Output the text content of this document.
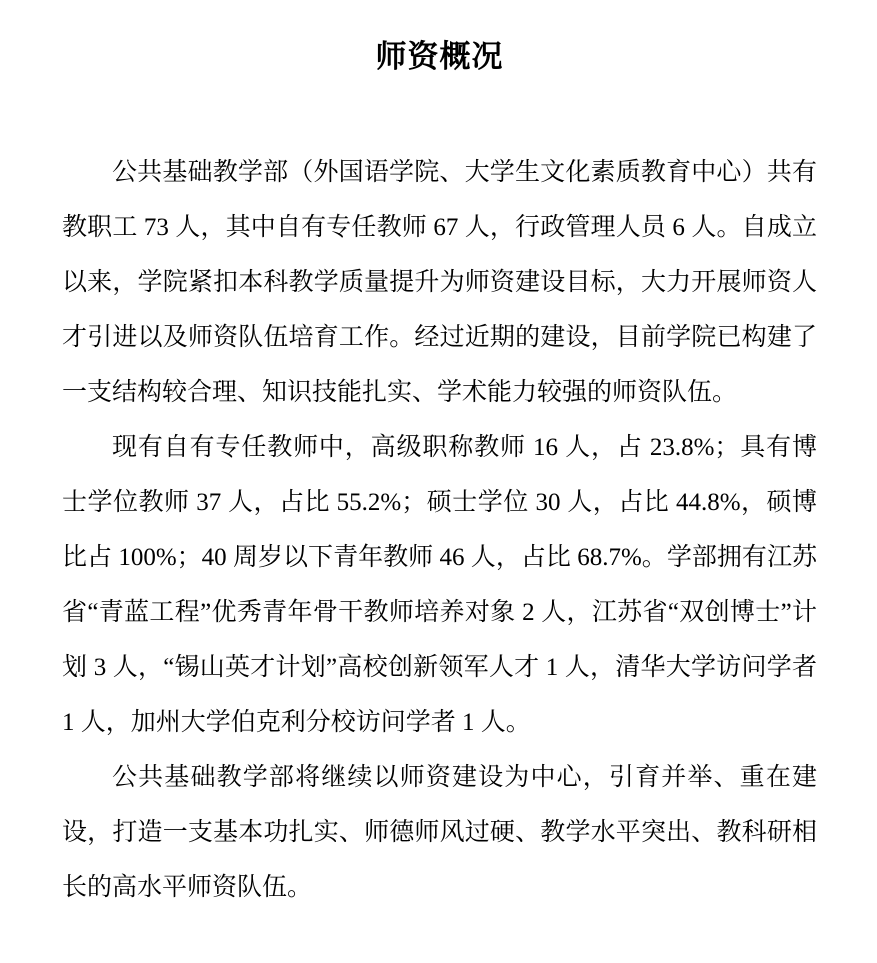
师资概况

公共基础教学部（外国语学院、大学生文化素质教育中心）共有教职工 73 人，其中自有专任教师 67 人，行政管理人员 6 人。自成立以来，学院紧扣本科教学质量提升为师资建设目标，大力开展师资人才引进以及师资队伍培育工作。经过近期的建设，目前学院已构建了一支结构较合理、知识技能扎实、学术能力较强的师资队伍。

现有自有专任教师中，高级职称教师 16 人，占 23.8%；具有博士学位教师 37 人，占比 55.2%；硕士学位 30 人，占比 44.8%，硕博比占 100%；40 周岁以下青年教师 46 人，占比 68.7%。学部拥有江苏省“青蓝工程”优秀青年骨干教师培养对象 2 人，江苏省“双创博士”计划 3 人，“锡山英才计划”高校创新领军人才 1 人，清华大学访问学者 1 人，加州大学伯克利分校访问学者 1 人。

公共基础教学部将继续以师资建设为中心，引育并举、重在建设，打造一支基本功扎实、师德师风过硬、教学水平突出、教科研相长的高水平师资队伍。
